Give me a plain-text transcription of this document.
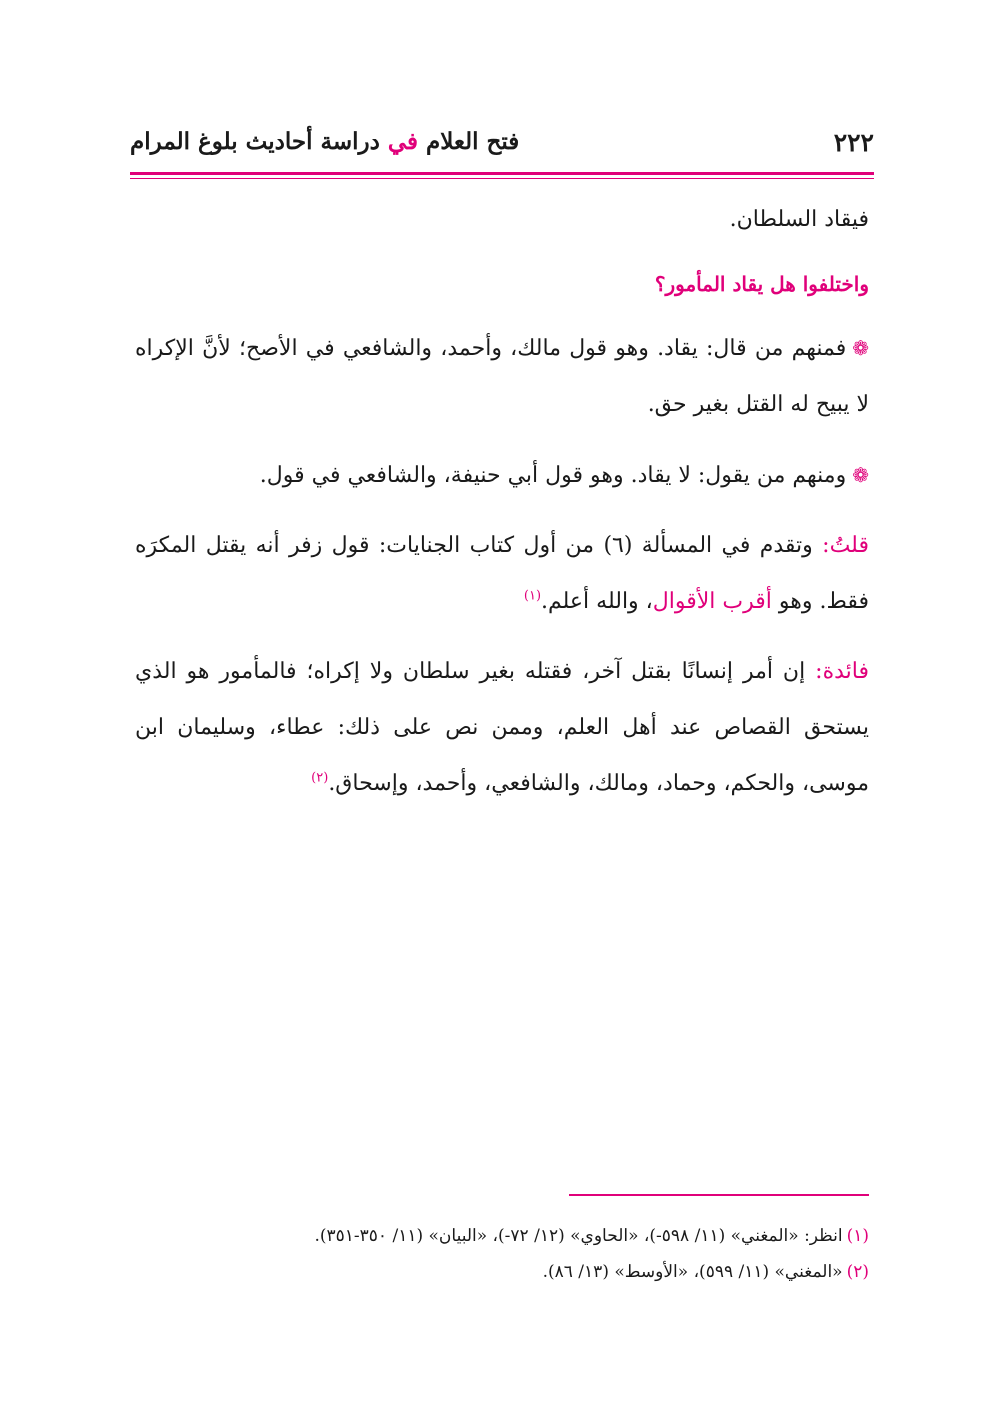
٢٢٢
فتح العلام في دراسة أحاديث بلوغ المرام

فيقاد السلطان.

واختلفوا هل يقاد المأمور؟

❁فمنهم من قال: يقاد. وهو قول مالك، وأحمد، والشافعي في الأصح؛ لأنَّ الإكراه لا يبيح له القتل بغير حق.

❁ومنهم من يقول: لا يقاد. وهو قول أبي حنيفة، والشافعي في قول.

قلتُ: وتقدم في المسألة (٦) من أول كتاب الجنايات: قول زفر أنه يقتل المكرَه فقط. وهو أقرب الأقوال، والله أعلم.$^{(١)}$

فائدة: إن أمر إنسانًا بقتل آخر، فقتله بغير سلطان ولا إكراه؛ فالمأمور هو الذي يستحق القصاص عند أهل العلم، وممن نص على ذلك: عطاء، وسليمان ابن موسى، والحكم، وحماد، ومالك، والشافعي، وأحمد، وإسحاق.$^{(٢)}$

(١)انظر: «المغني» (١١/ ٥٩٨-)، «الحاوي» (١٢/ ٧٢-)، «البيان» (١١/ ٣٥٠-٣٥١).

(٢)«المغني» (١١/ ٥٩٩)، «الأوسط» (١٣/ ٨٦).
